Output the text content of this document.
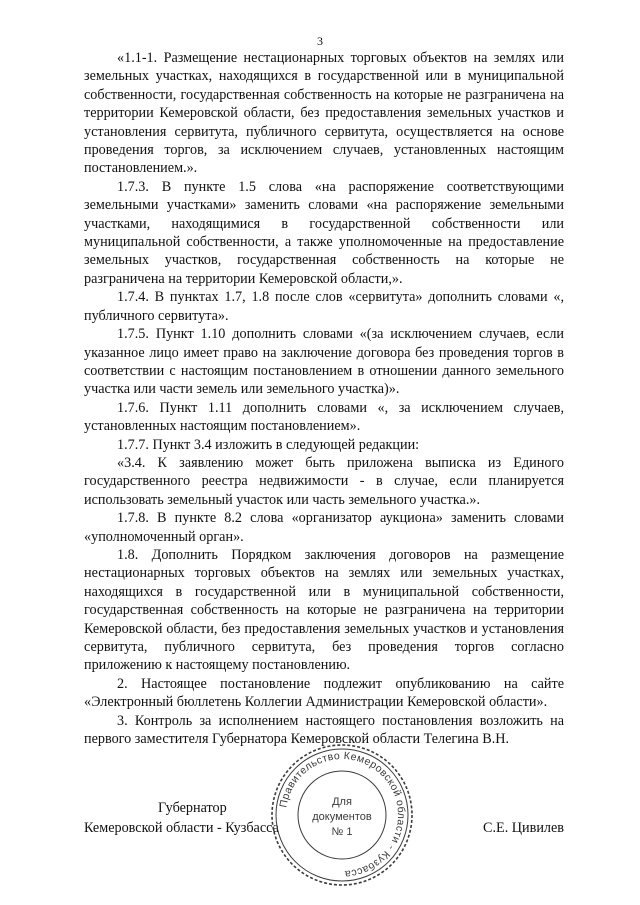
3

«1.1-1. Размещение нестационарных торговых объектов на землях или земельных участках, находящихся в государственной или в муниципальной собственности, государственная собственность на которые не разграничена на территории Кемеровской области, без предоставления земельных участков и установления сервитута, публичного сервитута, осуществляется на основе проведения торгов, за исключением случаев, установленных настоящим постановлением.».

1.7.3. В пункте 1.5 слова «на распоряжение соответствующими земельными участками» заменить словами «на распоряжение земельными участками, находящимися в государственной собственности или муниципальной собственности, а также уполномоченные на предоставление земельных участков, государственная собственность на которые не разграничена на территории Кемеровской области,».

1.7.4. В пунктах 1.7, 1.8 после слов «сервитута» дополнить словами «, публичного сервитута».

1.7.5. Пункт 1.10 дополнить словами «(за исключением случаев, если указанное лицо имеет право на заключение договора без проведения торгов в соответствии с настоящим постановлением в отношении данного земельного участка или части земель или земельного участка)».

1.7.6. Пункт 1.11 дополнить словами «, за исключением случаев, установленных настоящим постановлением».

1.7.7. Пункт 3.4 изложить в следующей редакции:

«3.4. К заявлению может быть приложена выписка из Единого государственного реестра недвижимости - в случае, если планируется использовать земельный участок или часть земельного участка.».

1.7.8. В пункте 8.2 слова «организатор аукциона» заменить словами «уполномоченный орган».

1.8. Дополнить Порядком заключения договоров на размещение нестационарных торговых объектов на землях или земельных участках, находящихся в государственной или в муниципальной собственности, государственная собственность на которые не разграничена на территории Кемеровской области, без предоставления земельных участков и установления сервитута, публичного сервитута, без проведения торгов согласно приложению к настоящему постановлению.

2. Настоящее постановление подлежит опубликованию на сайте «Электронный бюллетень Коллегии Администрации Кемеровской области».

3. Контроль за исполнением настоящего постановления возложить на первого заместителя Губернатора Кемеровской области Телегина В.Н.

Губернатор
Кемеровской области - Кузбасса	С.Е. Цивилев
Правительство Кемеровской области - Кузбасса
Для
документов
№ 1
